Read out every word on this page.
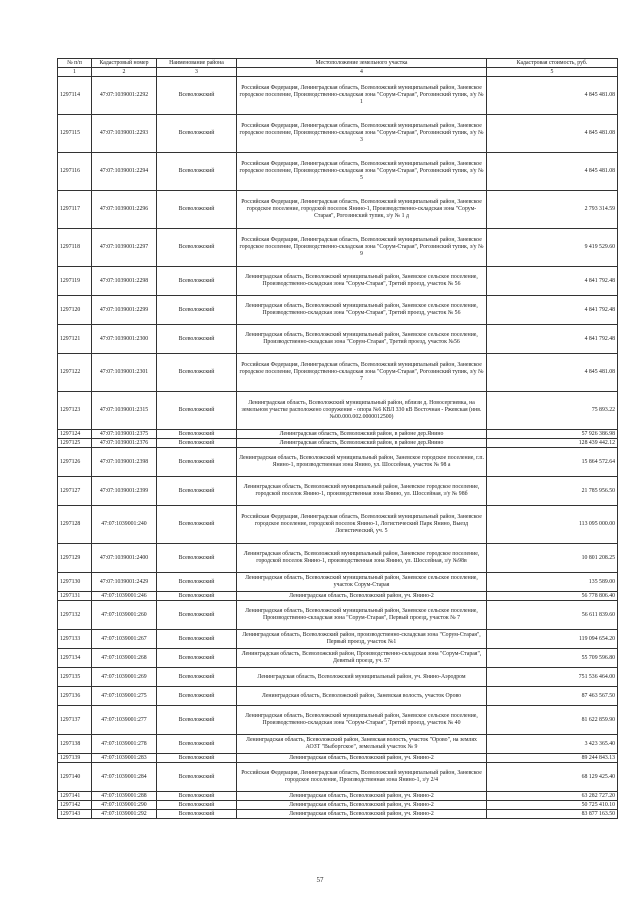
№ п/п	Кадастровый номер	Наименование района	Местоположение земельного участка	Кадастровая стоимость, руб.
1	2	3	4	5
1297114	47:07:1039001:2292	Всеволожский	Российская Федерация, Ленинградская область, Всеволожский муниципальный район, Заневское городское поселение, Производственно-складская зона "Сорум-Старая", Рогозинский тупик, з/у № 1	4 845 481.08
1297115	47:07:1039001:2293	Всеволожский	Российская Федерация, Ленинградская область, Всеволожский муниципальный район, Заневское городское поселение, Производственно-складская зона "Сорум-Старая", Рогозинский тупик, з/у № 3	4 845 481.08
1297116	47:07:1039001:2294	Всеволожский	Российская Федерация, Ленинградская область, Всеволожский муниципальный район, Заневское городское поселение, Производственно-складская зона "Сорум-Старая", Рогозинский тупик, з/у № 5	4 845 481.08
1297117	47:07:1039001:2296	Всеволожский	Российская Федерация, Ленинградская область, Всеволожский муниципальный район, Заневское городское поселение, городской поселок Янино-1, Производственно-складская зона "Сорум-Старая", Рогозинский тупик, з/у № 1 д	2 793 314.59
1297118	47:07:1039001:2297	Всеволожский	Российская Федерация, Ленинградская область, Всеволожский муниципальный район, Заневское городское поселение, Производственно-складская зона "Сорум-Старая", Рогозинский тупик, з/у № 9	9 419 529.60
1297119	47:07:1039001:2298	Всеволожский	Ленинградская область, Всеволожский муниципальный район, Заневское сельское поселение, Производственно-складская зона "Сорум-Старая", Третий проезд, участок № 56	4 841 792.48
1297120	47:07:1039001:2299	Всеволожский	Ленинградская область, Всеволожский муниципальный район, Заневское сельское поселение, Производственно-складская зона "Сорум-Старая", Третий проезд, участок № 56	4 841 792.48
1297121	47:07:1039001:2300	Всеволожский	Ленинградская область, Всеволожский муниципальный район, Заневское сельское поселение, Производственно-складская зона "Сорум-Старая", Третий проезд, участок №56	4 841 792.48
1297122	47:07:1039001:2301	Всеволожский	Российская Федерация, Ленинградская область, Всеволожский муниципальный район, Заневское городское поселение, Производственно-складская зона "Сорум-Старая", Рогозинский тупик, з/у № 7	4 845 481.08
1297123	47:07:1039001:2315	Всеволожский	Ленинградская область, Всеволожский муниципальный район, вблизи д. Новосергиевка, на земельном участке расположено сооружение - опора №6 КВЛ 330 кВ Восточная - Ржевская (инв.№00.000.002.0000012500)	75 893.22
1297124	47:07:1039001:2375	Всеволожский	Ленинградская область, Всеволожский район, в районе дер.Янино	57 926 386.98
1297125	47:07:1039001:2376	Всеволожский	Ленинградская область, Всеволожский район, в районе дер.Янино	128 439 442.12
1297126	47:07:1039001:2398	Всеволожский	Ленинградская область, Всеволожский муниципальный район, Заневское городское поселение, г.п. Янино-1, производственная зона Янино, ул. Шоссейная, участок № 98 а	15 864 572.64
1297127	47:07:1039001:2399	Всеволожский	Ленинградская область, Всеволожский муниципальный район, Заневское городское поселение, городской поселок Янино-1, производственная зона Янино, ул. Шоссейная, з/у № 98б	21 785 956.50
1297128	47:07:1039001:240	Всеволожский	Российская Федерация, Ленинградская область, Всеволожский муниципальный район, Заневское городское поселение, городской поселок Янино-1, Логистический Парк Янино, Выезд Логистический, уч. 5	113 095 000.00
1297129	47:07:1039001:2400	Всеволожский	Ленинградская область, Всеволожский муниципальный район, Заневское городское поселение, городской поселок Янино-1, производственная зона Янино, ул. Шоссейная, з/у №98в	10 801 208.25
1297130	47:07:1039001:2429	Всеволожский	Ленинградская область, Всеволожский муниципальный район, Заневское сельское поселение, участок Сорум-Старая	135 589.00
1297131	47:07:1039001:246	Всеволожский	Ленинградская область, Всеволожский район, уч. Янино-2	56 778 806.40
1297132	47:07:1039001:260	Всеволожский	Ленинградская область, Всеволожский муниципальный район, Заневское сельское поселение, Производственно-складская зона "Сорум-Старая", Первый проезд, участок № 7	56 611 839.60
1297133	47:07:1039001:267	Всеволожский	Ленинградская область, Всеволожский район, производственно-складская зона "Сорум-Старая", Первый проезд, участок №1	119 094 654.20
1297134	47:07:1039001:268	Всеволожский	Ленинградская область, Всеволожский район, Производственно-складская зона "Сорум-Старая", Девятый проезд, уч. 57	55 709 596.80
1297135	47:07:1039001:269	Всеволожский	Ленинградская область, Всеволожский муниципальный район, уч. Янино-Аэродром	751 536 464.00
1297136	47:07:1039001:275	Всеволожский	Ленинградская область, Всеволожский район, Заневская волость, участок Орово	87 463 567.50
1297137	47:07:1039001:277	Всеволожский	Ленинградская область, Всеволожский муниципальный район, Заневское сельское поселение, Производственно-складская зона "Сорум-Старая", Третий проезд, участок № 40	81 622 859.90
1297138	47:07:1039001:278	Всеволожский	Ленинградская область, Всеволожский район, Заневская волость, участок "Орово", на землях АОЗТ "Выборгское", земельный участок № 9	3 423 365.40
1297139	47:07:1039001:283	Всеволожский	Ленинградская область, Всеволожский район, уч. Янино-2	89 244 843.13
1297140	47:07:1039001:284	Всеволожский	Российская Федерация, Ленинградская область, Всеволожский муниципальный район, Заневское городское поселение, Производственная зона Янино-1, з/у 2/4	68 129 425.40
1297141	47:07:1039001:288	Всеволожский	Ленинградская область, Всеволожский район, уч. Янино-2	63 282 727.20
1297142	47:07:1039001:290	Всеволожский	Ленинградская область, Всеволожский район, уч. Янино-2	50 725 410.10
1297143	47:07:1039001:292	Всеволожский	Ленинградская область, Всеволожский район, уч. Янино-2	83 877 163.50
57
